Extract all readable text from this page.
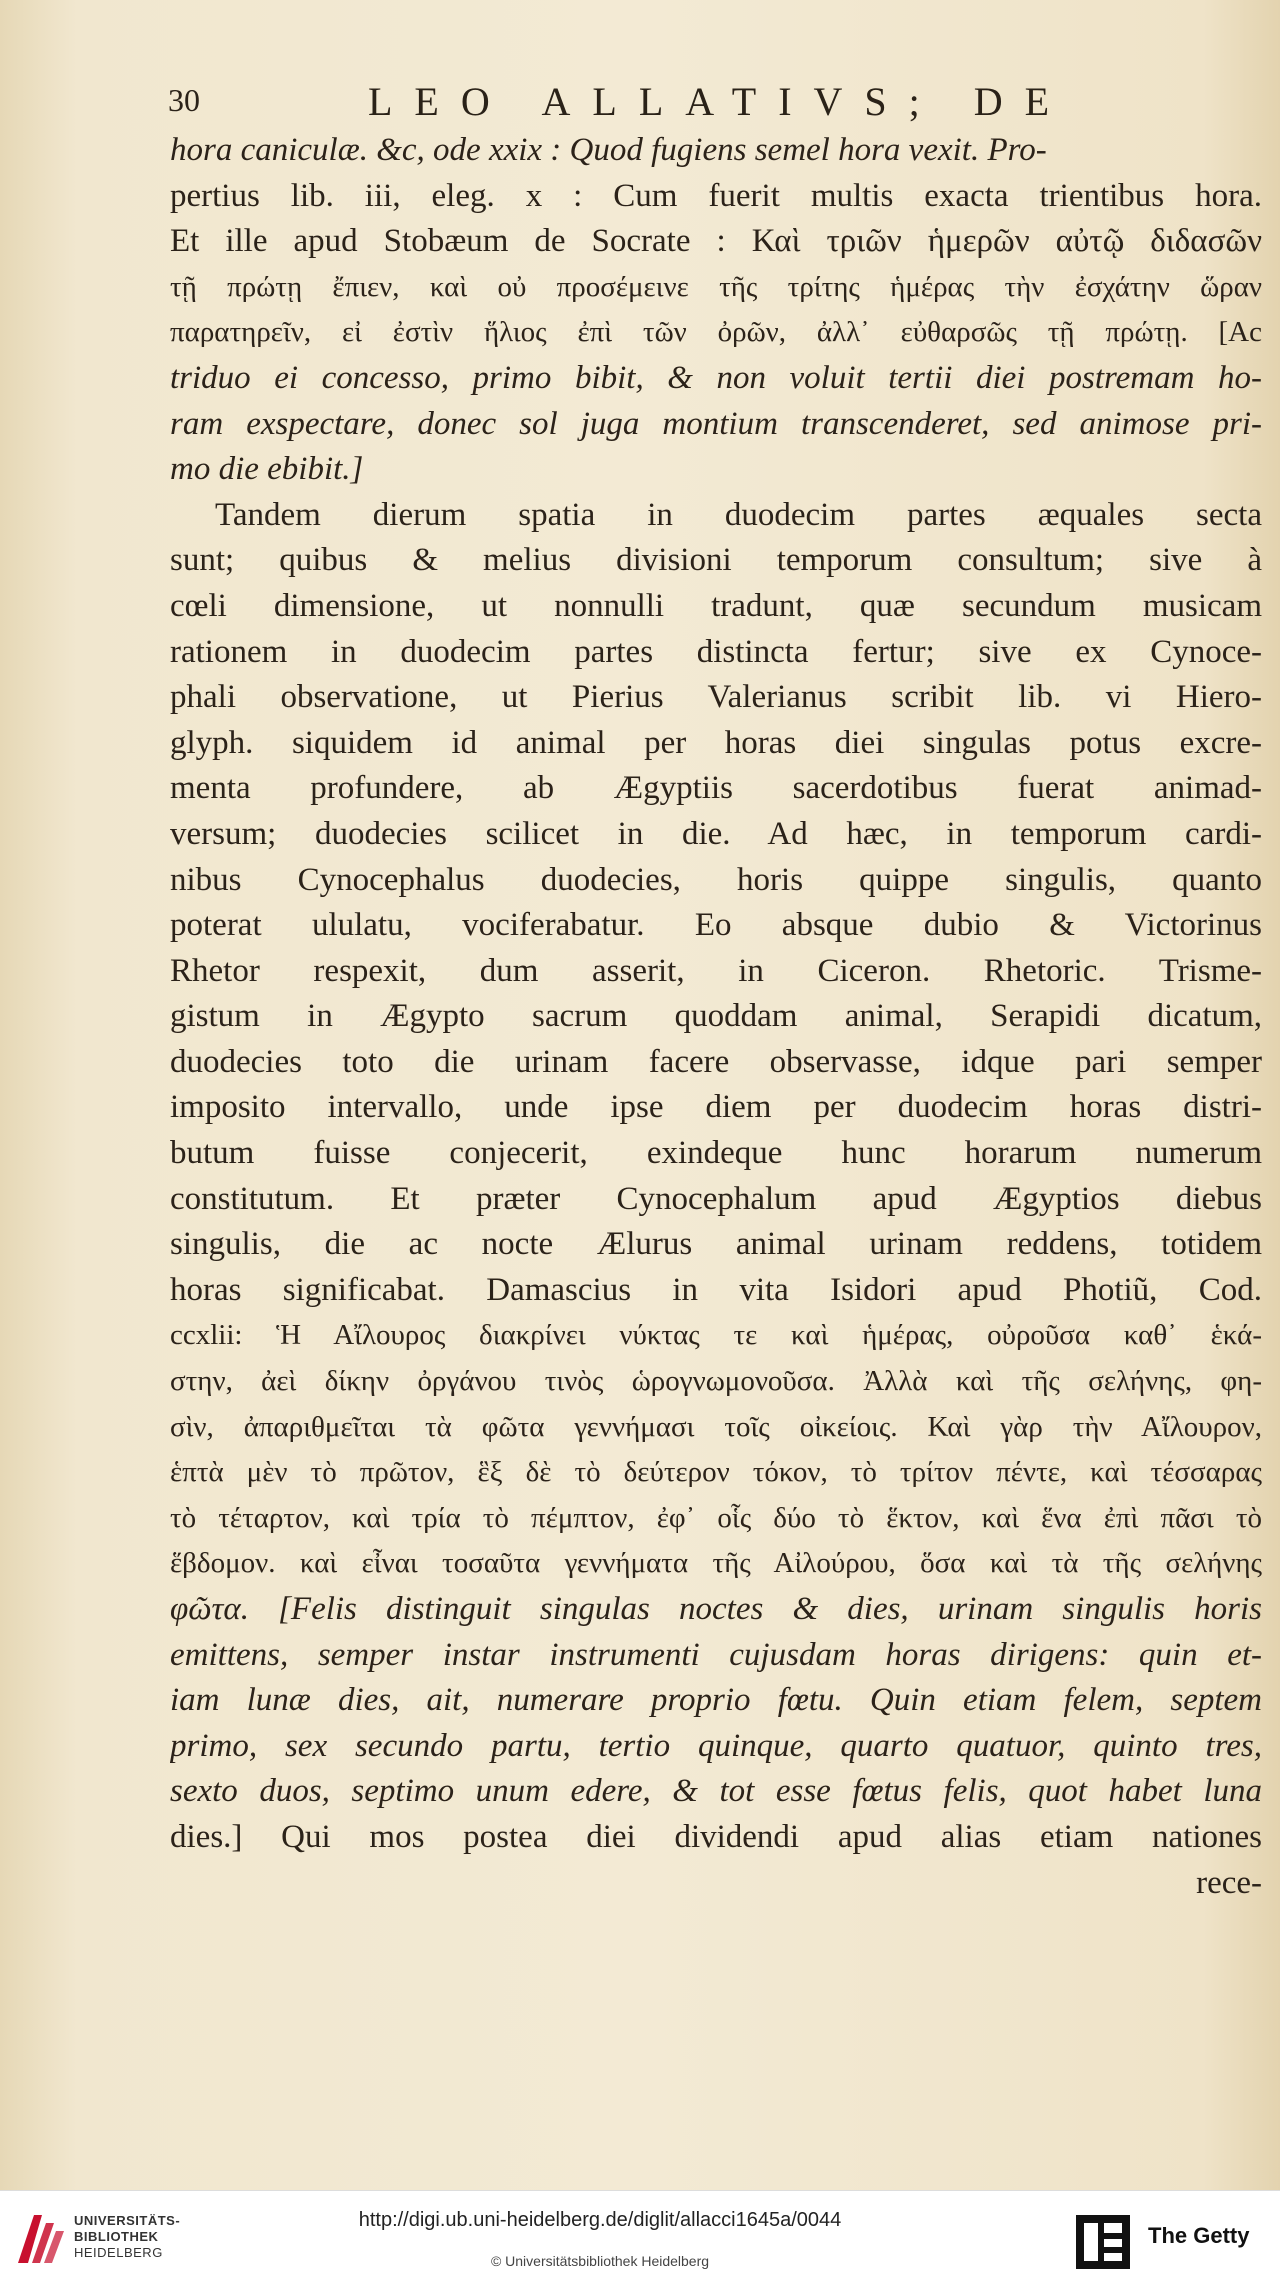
30	LEO ALLATIVS; DE
hora caniculæ. &c, ode xxix : Quod fugiens semel hora vexit. Pro-
pertius lib. iii, eleg. x : Cum fuerit multis exacta trientibus hora.
Et ille apud Stobæum de Socrate : Καὶ τριῶν ἡμερῶν αὐτῷ διδασῶν
τῇ πρώτῃ ἔπιεν, καὶ οὐ προσέμεινε τῆς τρίτης ἡμέρας τὴν ἐσχάτην ὥραν
παρατηρεῖν, εἰ ἐστὶν ἥλιος ἐπὶ τῶν ὀρῶν, ἀλλ᾽ εὐθαρσῶς τῇ πρώτῃ. [Ac
triduo ei concesso, primo bibit, & non voluit tertii diei postremam ho-
ram exspectare, donec sol juga montium transcenderet, sed animose pri-
mo die ebibit.]
Tandem dierum spatia in duodecim partes æquales secta
sunt; quibus & melius divisioni temporum consultum; sive à
cœli dimensione, ut nonnulli tradunt, quæ secundum musicam
rationem in duodecim partes distincta fertur; sive ex Cynoce-
phali observatione, ut Pierius Valerianus scribit lib. vi Hiero-
glyph. siquidem id animal per horas diei singulas potus excre-
menta profundere, ab Ægyptiis sacerdotibus fuerat animad-
versum; duodecies scilicet in die. Ad hæc, in temporum cardi-
nibus Cynocephalus duodecies, horis quippe singulis, quanto
poterat ululatu, vociferabatur. Eo absque dubio & Victorinus
Rhetor respexit, dum asserit, in Ciceron. Rhetoric. Trisme-
gistum in Ægypto sacrum quoddam animal, Serapidi dicatum,
duodecies toto die urinam facere observasse, idque pari semper
imposito intervallo, unde ipse diem per duodecim horas distri-
butum fuisse conjecerit, exindeque hunc horarum numerum
constitutum. Et præter Cynocephalum apud Ægyptios diebus
singulis, die ac nocte Ælurus animal urinam reddens, totidem
horas significabat. Damascius in vita Isidori apud Photiũ, Cod.
ccxlii: Ἡ Αἴλουρος διακρίνει νύκτας τε καὶ ἡμέρας, οὐροῦσα καθ᾽ ἑκά-
στην, ἀεὶ δίκην ὀργάνου τινὸς ὡρογνωμονοῦσα. Ἀλλὰ καὶ τῆς σελήνης, φη-
σὶν, ἀπαριθμεῖται τὰ φῶτα γεννήμασι τοῖς οἰκείοις. Καὶ γὰρ τὴν Αἴλουρον,
ἑπτὰ μὲν τὸ πρῶτον, ἓξ δὲ τὸ δεύτερον τόκον, τὸ τρίτον πέντε, καὶ τέσσαρας
τὸ τέταρτον, καὶ τρία τὸ πέμπτον, ἐφ᾽ οἷς δύο τὸ ἕκτον, καὶ ἕνα ἐπὶ πᾶσι τὸ
ἕβδομον. καὶ εἶναι τοσαῦτα γεννήματα τῆς Αἰλούρου, ὅσα καὶ τὰ τῆς σελήνης
φῶτα. [Felis distinguit singulas noctes & dies, urinam singulis horis
emittens, semper instar instrumenti cujusdam horas dirigens: quin et-
iam lunæ dies, ait, numerare proprio fœtu. Quin etiam felem, septem
primo, sex secundo partu, tertio quinque, quarto quatuor, quinto tres,
sexto duos, septimo unum edere, & tot esse fœtus felis, quot habet luna
dies.] Qui mos postea diei dividendi apud alias etiam nationes
rece-
UNIVERSITÄTS-
BIBLIOTHEK
HEIDELBERG
http://digi.ub.uni-heidelberg.de/diglit/allacci1645a/0044
© Universitätsbibliothek Heidelberg
The Getty
